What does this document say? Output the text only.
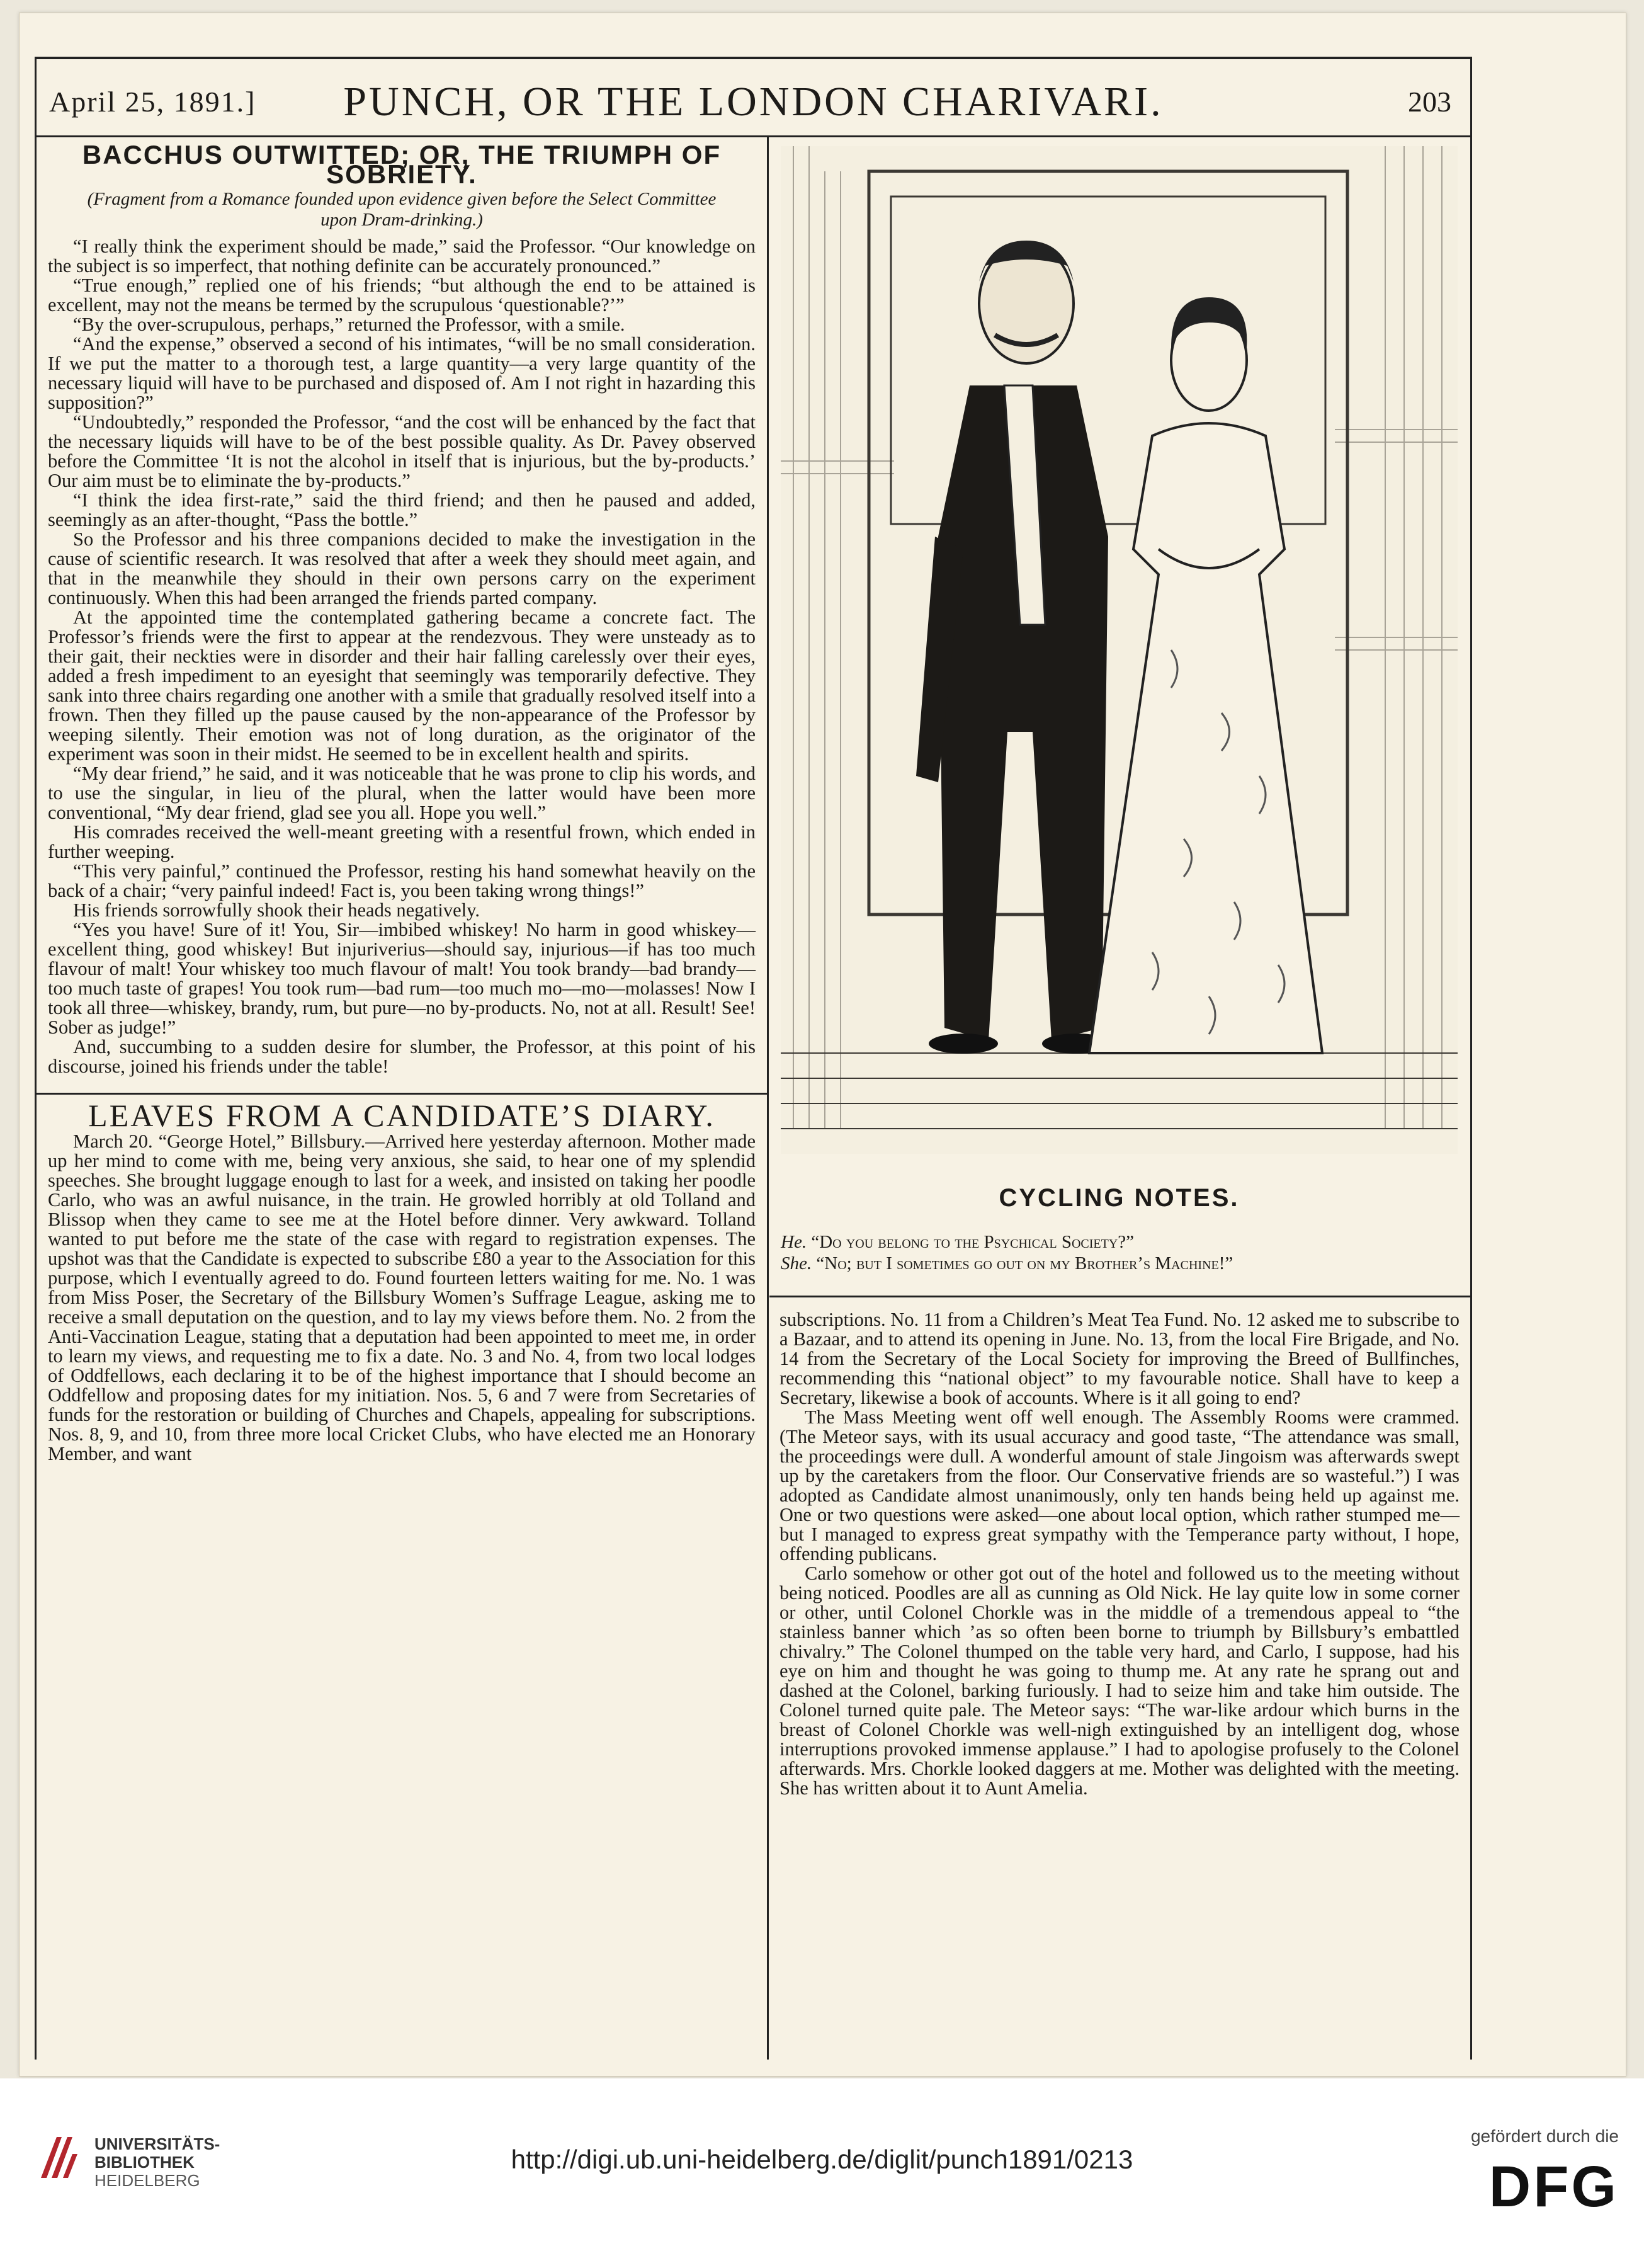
April 25, 1891.]	PUNCH, OR THE LONDON CHARIVARI.	203
BACCHUS OUTWITTED; OR, THE TRIUMPH OF SOBRIETY.
(Fragment from a Romance founded upon evidence given before the Select Committee upon Dram-drinking.)

“I really think the experiment should be made,” said the Professor. “Our knowledge on the subject is so imperfect, that nothing definite can be accurately pronounced.”

“True enough,” replied one of his friends; “but although the end to be attained is excellent, may not the means be termed by the scrupulous ‘questionable?’”

“By the over-scrupulous, perhaps,” returned the Professor, with a smile.

“And the expense,” observed a second of his intimates, “will be no small consideration. If we put the matter to a thorough test, a large quantity—a very large quantity of the necessary liquid will have to be purchased and disposed of. Am I not right in hazarding this supposition?”

“Undoubtedly,” responded the Professor, “and the cost will be enhanced by the fact that the necessary liquids will have to be of the best possible quality. As Dr. Pavey observed before the Committee ‘It is not the alcohol in itself that is injurious, but the by-products.’ Our aim must be to eliminate the by-products.”

“I think the idea first-rate,” said the third friend; and then he paused and added, seemingly as an after-thought, “Pass the bottle.”

So the Professor and his three companions decided to make the investigation in the cause of scientific research. It was resolved that after a week they should meet again, and that in the meanwhile they should in their own persons carry on the experiment continuously. When this had been arranged the friends parted company.

At the appointed time the contemplated gathering became a concrete fact. The Professor’s friends were the first to appear at the rendezvous. They were unsteady as to their gait, their neckties were in disorder and their hair falling carelessly over their eyes, added a fresh impediment to an eyesight that seemingly was temporarily defective. They sank into three chairs regarding one another with a smile that gradually resolved itself into a frown. Then they filled up the pause caused by the non-appearance of the Professor by weeping silently. Their emotion was not of long duration, as the originator of the experiment was soon in their midst. He seemed to be in excellent health and spirits.

“My dear friend,” he said, and it was noticeable that he was prone to clip his words, and to use the singular, in lieu of the plural, when the latter would have been more conventional, “My dear friend, glad see you all. Hope you well.”

His comrades received the well-meant greeting with a resentful frown, which ended in further weeping.

“This very painful,” continued the Professor, resting his hand somewhat heavily on the back of a chair; “very painful indeed! Fact is, you been taking wrong things!”

His friends sorrowfully shook their heads negatively.

“Yes you have! Sure of it! You, Sir—imbibed whiskey! No harm in good whiskey—excellent thing, good whiskey! But injuriverius—should say, injurious—if has too much flavour of malt! Your whiskey too much flavour of malt! You took brandy—bad brandy—too much taste of grapes! You took rum—bad rum—too much mo—mo—molasses! Now I took all three—whiskey, brandy, rum, but pure—no by-products. No, not at all. Result! See! Sober as judge!”

And, succumbing to a sudden desire for slumber, the Professor, at this point of his discourse, joined his friends under the table!

LEAVES FROM A CANDIDATE’S DIARY.

March 20. “George Hotel,” Billsbury.—Arrived here yesterday afternoon. Mother made up her mind to come with me, being very anxious, she said, to hear one of my splendid speeches. She brought luggage enough to last for a week, and insisted on taking her poodle Carlo, who was an awful nuisance, in the train. He growled horribly at old Tolland and Blissop when they came to see me at the Hotel before dinner. Very awkward. Tolland wanted to put before me the state of the case with regard to registration expenses. The upshot was that the Candidate is expected to subscribe £80 a year to the Association for this purpose, which I eventually agreed to do. Found fourteen letters waiting for me. No. 1 was from Miss Poser, the Secretary of the Billsbury Women’s Suffrage League, asking me to receive a small deputation on the question, and to lay my views before them. No. 2 from the Anti-Vaccination League, stating that a deputation had been appointed to meet me, in order to learn my views, and requesting me to fix a date. No. 3 and No. 4, from two local lodges of Oddfellows, each declaring it to be of the highest importance that I should become an Oddfellow and proposing dates for my initiation. Nos. 5, 6 and 7 were from Secretaries of funds for the restoration or building of Churches and Chapels, appealing for subscriptions. Nos. 8, 9, and 10, from three more local Cricket Clubs, who have elected me an Honorary Member, and want

CYCLING NOTES.
He. “Do you belong to the Psychical Society?”
She. “No; but I sometimes go out on my Brother’s Machine!”

subscriptions. No. 11 from a Children’s Meat Tea Fund. No. 12 asked me to subscribe to a Bazaar, and to attend its opening in June. No. 13, from the local Fire Brigade, and No. 14 from the Secretary of the Local Society for improving the Breed of Bullfinches, recommending this “national object” to my favourable notice. Shall have to keep a Secretary, likewise a book of accounts. Where is it all going to end?

The Mass Meeting went off well enough. The Assembly Rooms were crammed. (The Meteor says, with its usual accuracy and good taste, “The attendance was small, the proceedings were dull. A wonderful amount of stale Jingoism was afterwards swept up by the caretakers from the floor. Our Conservative friends are so wasteful.”) I was adopted as Candidate almost unanimously, only ten hands being held up against me. One or two questions were asked—one about local option, which rather stumped me—but I managed to express great sympathy with the Temperance party without, I hope, offending publicans.

Carlo somehow or other got out of the hotel and followed us to the meeting without being noticed. Poodles are all as cunning as Old Nick. He lay quite low in some corner or other, until Colonel Chorkle was in the middle of a tremendous appeal to “the stainless banner which ’as so often been borne to triumph by Billsbury’s embattled chivalry.” The Colonel thumped on the table very hard, and Carlo, I suppose, had his eye on him and thought he was going to thump me. At any rate he sprang out and dashed at the Colonel, barking furiously. I had to seize him and take him outside. The Colonel turned quite pale. The Meteor says: “The war-like ardour which burns in the breast of Colonel Chorkle was well-nigh extinguished by an intelligent dog, whose interruptions provoked immense applause.” I had to apologise profusely to the Colonel afterwards. Mrs. Chorkle looked daggers at me. Mother was delighted with the meeting. She has written about it to Aunt Amelia.

UNIVERSITÄTS-
BIBLIOTHEK
HEIDELBERG
http://digi.ub.uni-heidelberg.de/diglit/punch1891/0213
gefördert durch die
DFG
